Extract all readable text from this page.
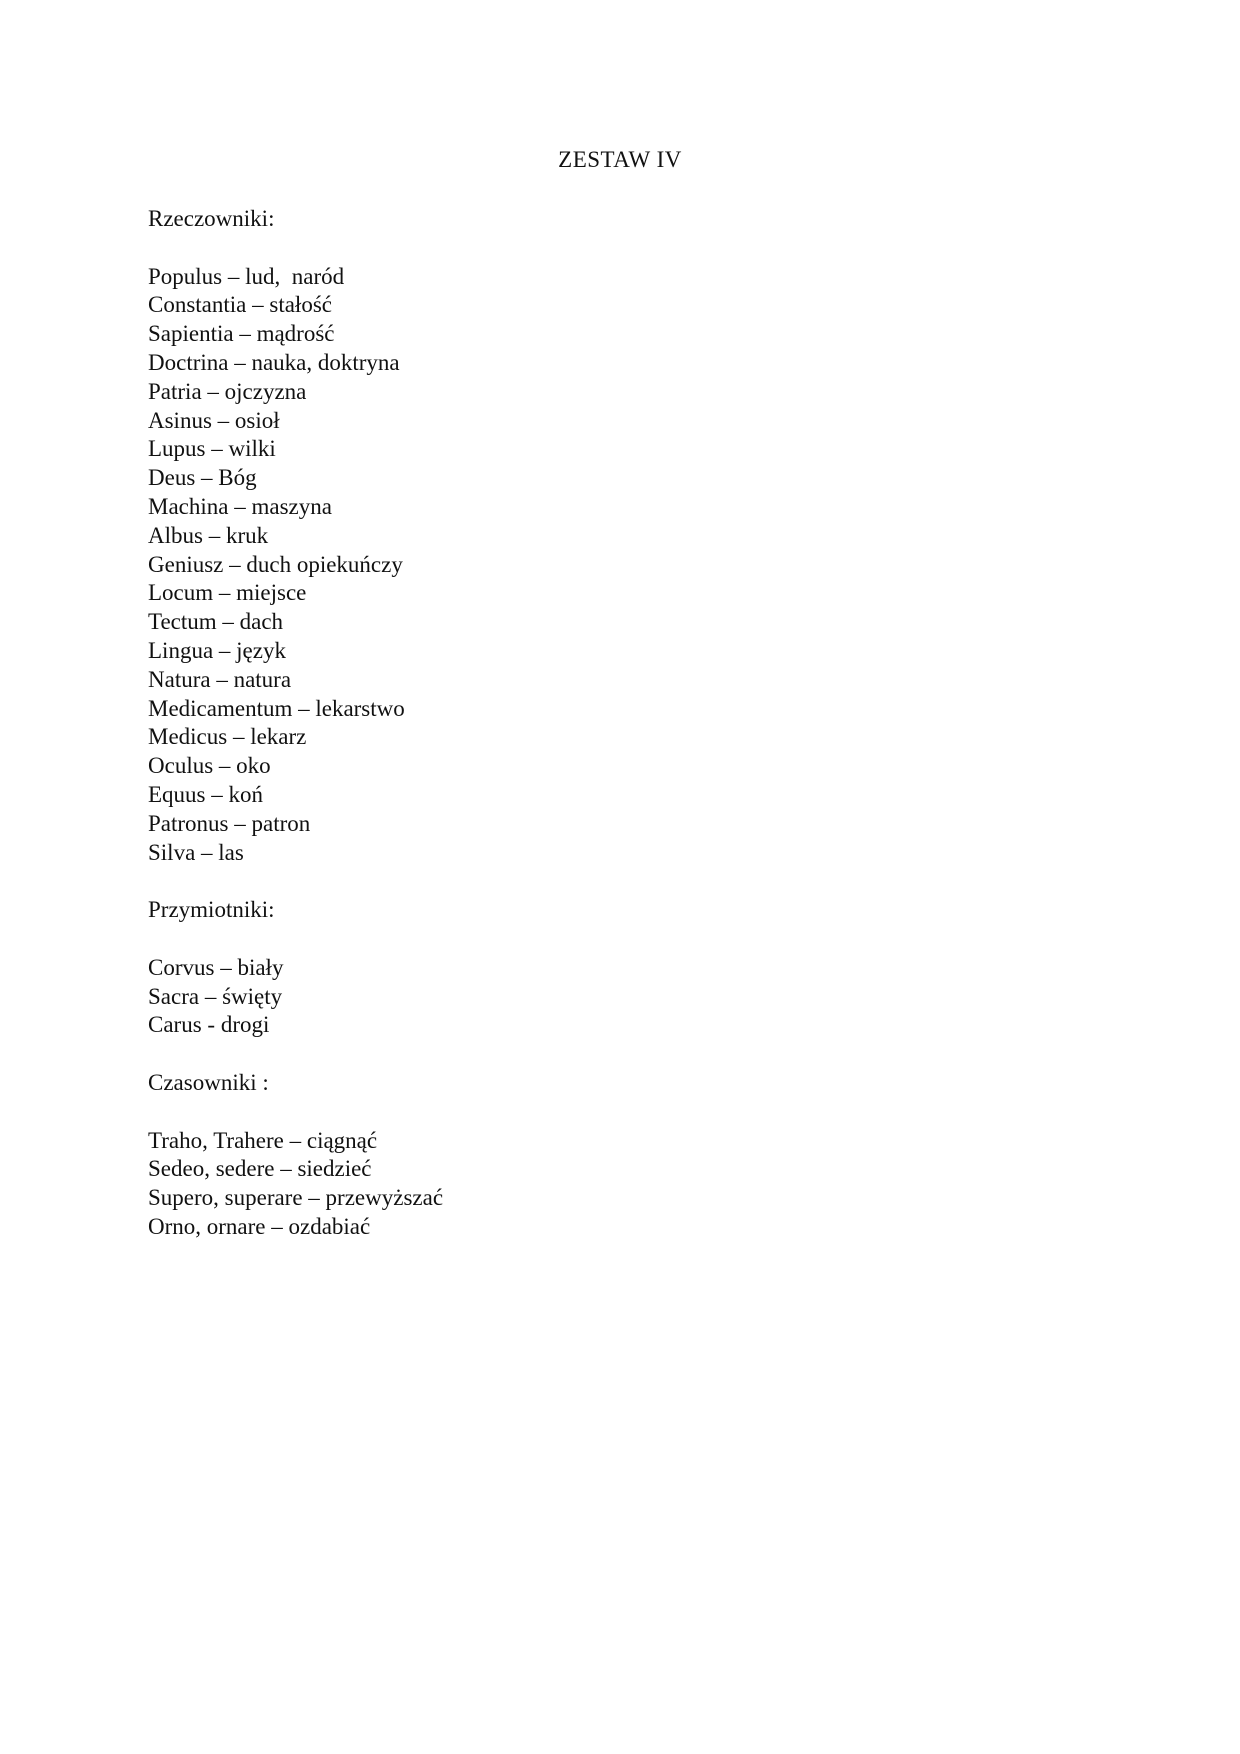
ZESTAW IV
Rzeczowniki:
Populus – lud,  naród
Constantia – stałość
Sapientia – mądrość
Doctrina – nauka, doktryna
Patria – ojczyzna
Asinus – osioł
Lupus – wilki
Deus – Bóg
Machina – maszyna
Albus – kruk
Geniusz – duch opiekuńczy
Locum – miejsce
Tectum – dach
Lingua – język
Natura – natura
Medicamentum – lekarstwo
Medicus – lekarz
Oculus – oko
Equus – koń
Patronus – patron
Silva – las
Przymiotniki:
Corvus – biały
Sacra – święty
Carus - drogi
Czasowniki :
Traho, Trahere – ciągnąć
Sedeo, sedere – siedzieć
Supero, superare – przewyższać
Orno, ornare – ozdabiać
